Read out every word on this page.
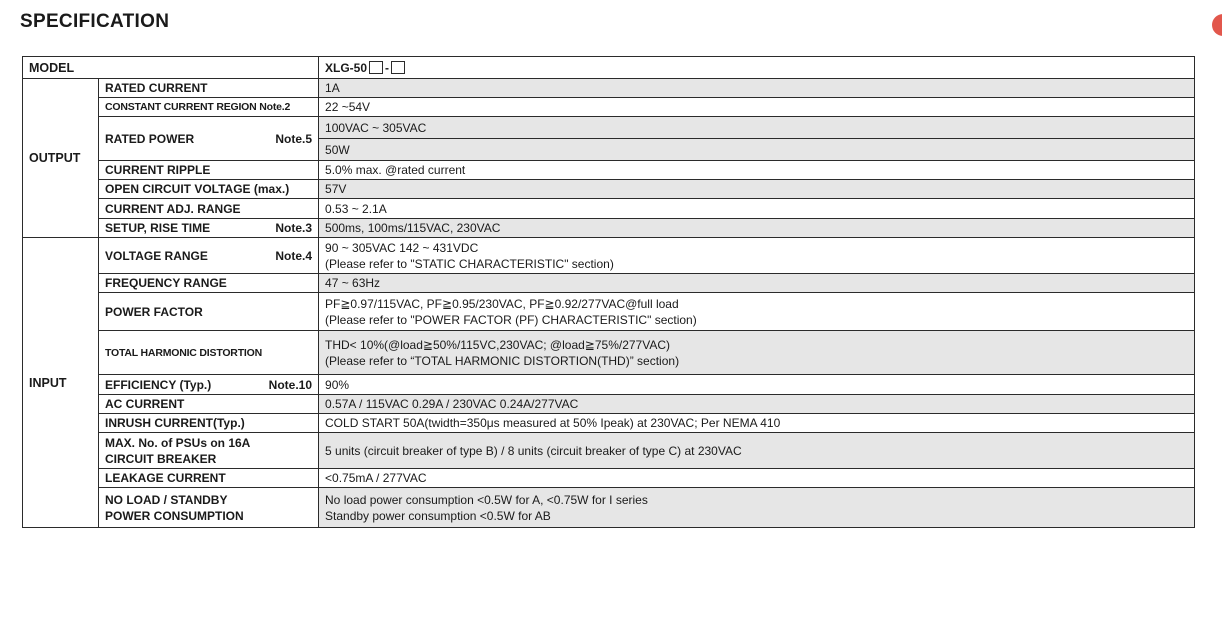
SPECIFICATION
MODEL		XLG-50 -
OUTPUT	RATED CURRENT	1A

	CONSTANT CURRENT REGION Note.2	22 ~54V

	RATED POWER Note.5	100VAC ~ 305VAC

		50W

	CURRENT RIPPLE	5.0% max. @rated current

	OPEN CIRCUIT VOLTAGE (max.)	57V

	CURRENT ADJ. RANGE	0.53 ~ 2.1A

	SETUP, RISE TIME Note.3	500ms, 100ms/115VAC, 230VAC

INPUT	VOLTAGE RANGE Note.4	90 ~ 305VAC 142 ~ 431VDC
(Please refer to "STATIC CHARACTERISTIC" section)

	FREQUENCY RANGE	47 ~ 63Hz

	POWER FACTOR	PF≧0.97/115VAC, PF≧0.95/230VAC, PF≧0.92/277VAC@full load
(Please refer to "POWER FACTOR (PF) CHARACTERISTIC" section)

	TOTAL HARMONIC DISTORTION	THD< 10%(@load≧50%/115VC,230VAC; @load≧75%/277VAC)
(Please refer to “TOTAL HARMONIC DISTORTION(THD)” section)

	EFFICIENCY (Typ.) Note.10	90%

	AC CURRENT	0.57A / 115VAC 0.29A / 230VAC 0.24A/277VAC

	INRUSH CURRENT(Typ.)	COLD START 50A(twidth=350μs measured at 50% Ipeak) at 230VAC; Per NEMA 410

	MAX. No. of PSUs on 16A
CIRCUIT BREAKER	5 units (circuit breaker of type B) / 8 units (circuit breaker of type C) at 230VAC

	LEAKAGE CURRENT	<0.75mA / 277VAC

	NO LOAD / STANDBY
POWER CONSUMPTION	No load power consumption <0.5W for A, <0.75W for I series
Standby power consumption <0.5W for AB
